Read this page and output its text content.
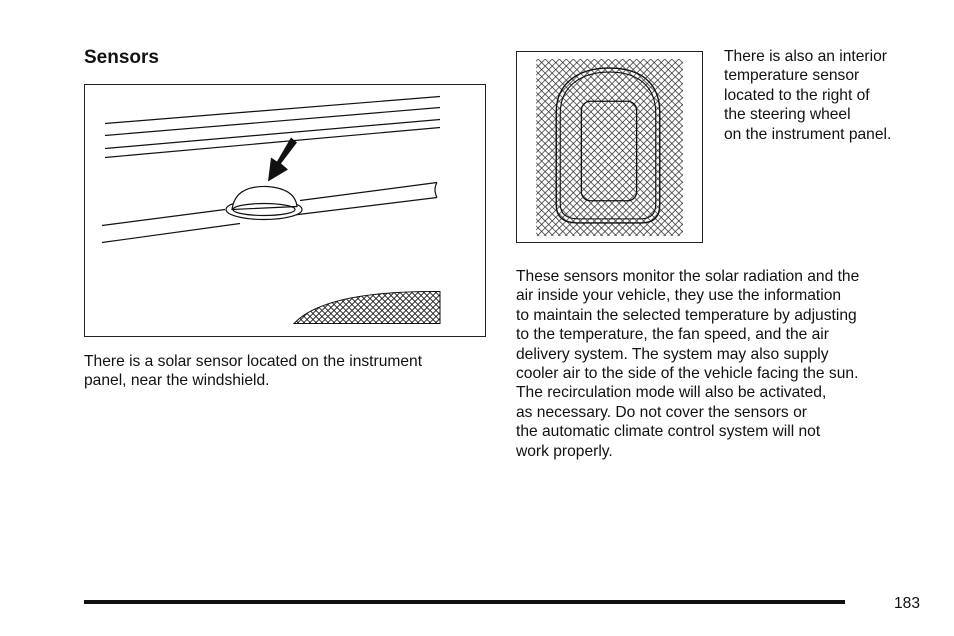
Sensors

There is a solar sensor located on the instrument
panel, near the windshield.

There is also an interior
temperature sensor
located to the right of
the steering wheel
on the instrument panel.

These sensors monitor the solar radiation and the
air inside your vehicle, they use the information
to maintain the selected temperature by adjusting
to the temperature, the fan speed, and the air
delivery system. The system may also supply
cooler air to the side of the vehicle facing the sun.
The recirculation mode will also be activated,
as necessary. Do not cover the sensors or
the automatic climate control system will not
work properly.

183
